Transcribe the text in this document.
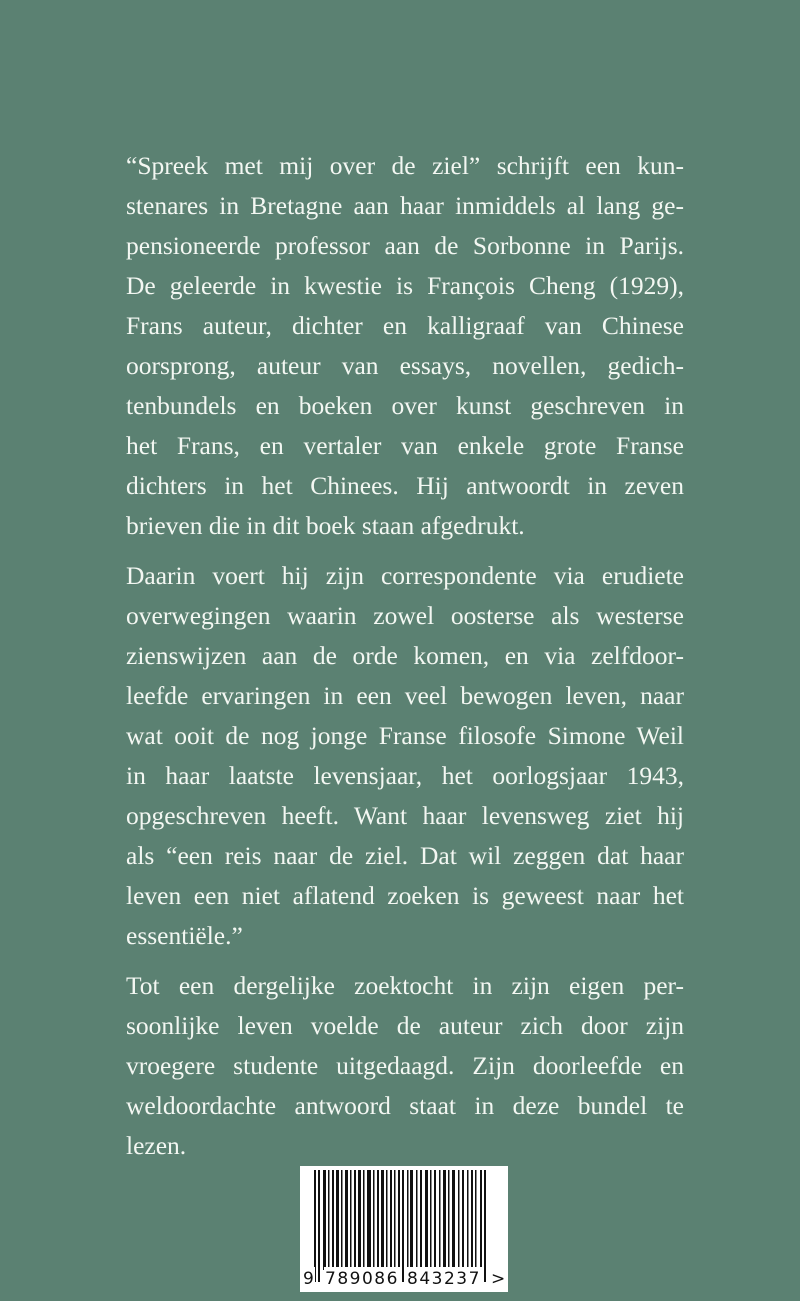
“Spreek met mij over de ziel” schrijft een kun-
stenares in Bretagne aan haar inmiddels al lang ge-
pensioneerde professor aan de Sorbonne in Parijs.
De geleerde in kwestie is François Cheng (1929),
Frans auteur, dichter en kalligraaf van Chinese
oorsprong, auteur van essays, novellen, gedich-
tenbundels en boeken over kunst geschreven in
het Frans, en vertaler van enkele grote Franse
dichters in het Chinees. Hij antwoordt in zeven
brieven die in dit boek staan afgedrukt.

Daarin voert hij zijn correspondente via erudiete
overwegingen waarin zowel oosterse als westerse
zienswijzen aan de orde komen, en via zelfdoor-
leefde ervaringen in een veel bewogen leven, naar
wat ooit de nog jonge Franse filosofe Simone Weil
in haar laatste levensjaar, het oorlogsjaar 1943,
opgeschreven heeft. Want haar levensweg ziet hij
als “een reis naar de ziel. Dat wil zeggen dat haar
leven een niet aflatend zoeken is geweest naar het
essentiële.”

Tot een dergelijke zoektocht in zijn eigen per-
soonlijke leven voelde de auteur zich door zijn
vroegere studente uitgedaagd. Zijn doorleefde en
weldoordachte antwoord staat in deze bundel te
lezen.

9 789086 843237 >
